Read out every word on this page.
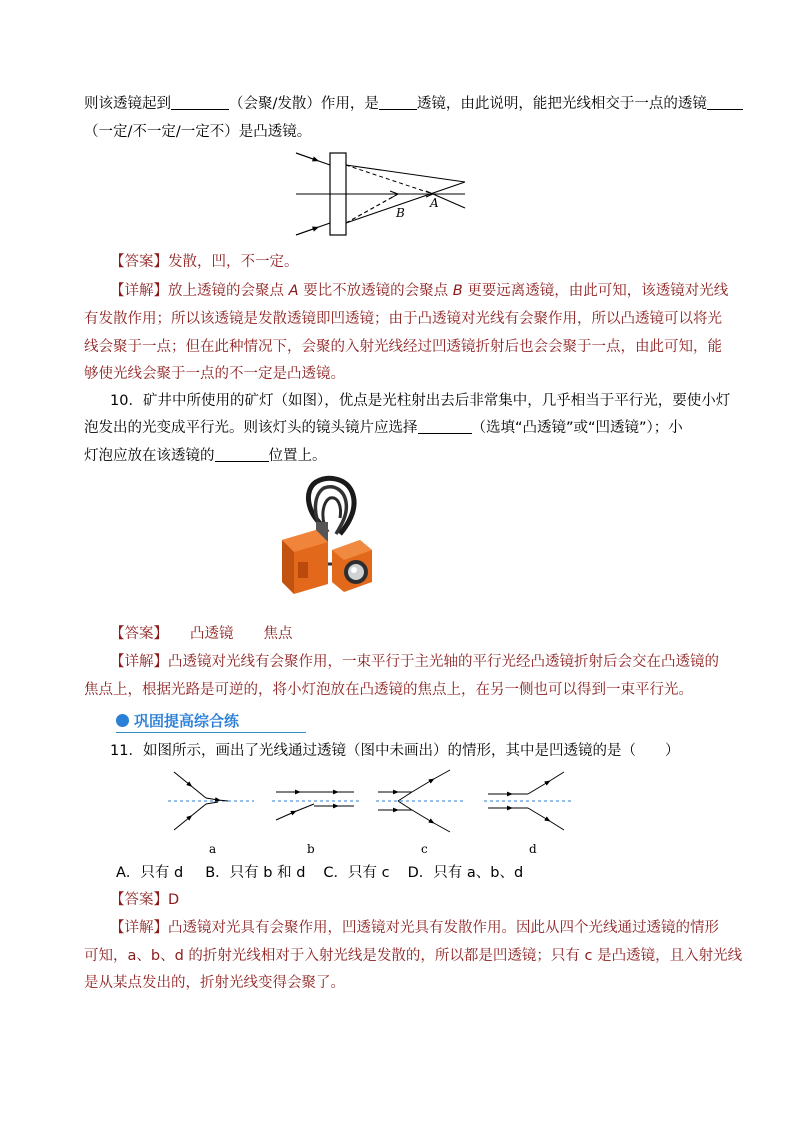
则该透镜起到	（会聚/发散）作用，是	透镜，由此说明，能把光线相交于一点的透镜
（一定/不一定/一定不）是凸透镜。
B
A
【答案】发散，凹，不一定。
【详解】放上透镜的会聚点 A 要比不放透镜的会聚点 B 更要远离透镜，由此可知，该透镜对光线
有发散作用；所以该透镜是发散透镜即凹透镜；由于凸透镜对光线有会聚作用，所以凸透镜可以将光
线会聚于一点；但在此种情况下，会聚的入射光线经过凹透镜折射后也会会聚于一点，由此可知，能
够使光线会聚于一点的不一定是凸透镜。
10．矿井中所使用的矿灯（如图），优点是光柱射出去后非常集中，几乎相当于平行光，要使小灯
泡发出的光变成平行光。则该灯头的镜头镜片应选择	（选填“凸透镜”或“凹透镜”）；小
灯泡应放在该透镜的	位置上。
【答案】 凸透镜 焦点
【详解】凸透镜对光线有会聚作用，一束平行于主光轴的平行光经凸透镜折射后会交在凸透镜的
焦点上，根据光路是可逆的，将小灯泡放在凸透镜的焦点上，在另一侧也可以得到一束平行光。
巩固提高综合练
11．如图所示，画出了光线通过透镜（图中未画出）的情形，其中是凹透镜的是（　　）
a	b	c	d
A．只有 d B．只有 b 和 d C．只有 c D．只有 a、b、d
【答案】D
【详解】凸透镜对光具有会聚作用，凹透镜对光具有发散作用。因此从四个光线通过透镜的情形
可知，a、b、d 的折射光线相对于入射光线是发散的，所以都是凹透镜；只有 c 是凸透镜，且入射光线
是从某点发出的，折射光线变得会聚了。
